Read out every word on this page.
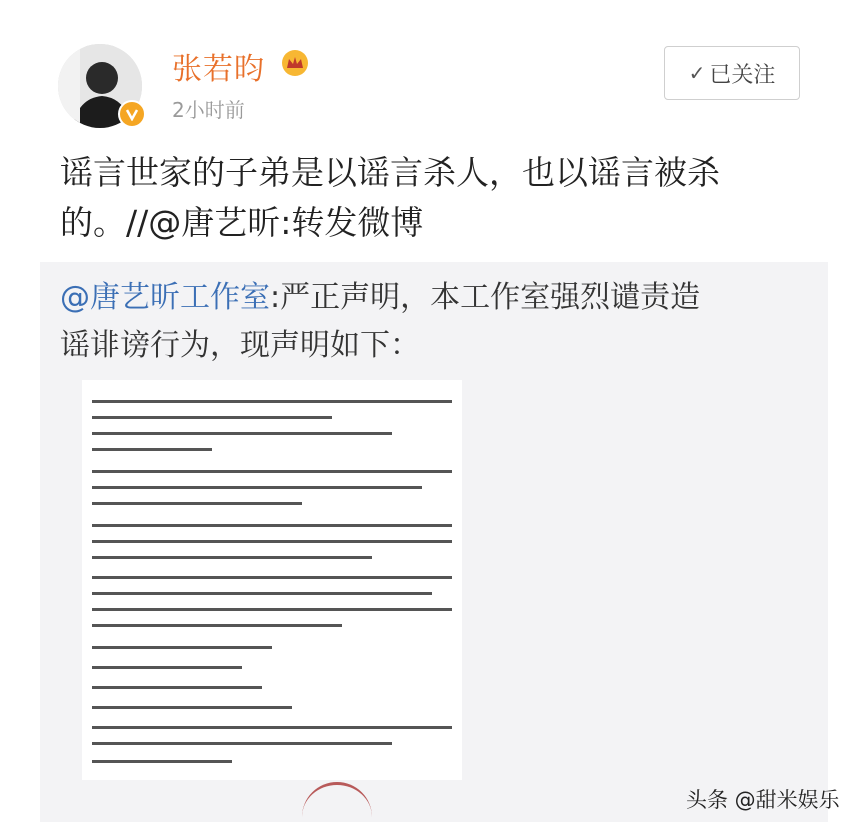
张若昀
2小时前
✓ 已关注
谣言世家的子弟是以谣言杀人，也以谣言被杀
的。//@唐艺昕:转发微博
@唐艺昕工作室:严正声明，本工作室强烈谴责造
谣诽谤行为，现声明如下：
头条 @甜米娱乐
